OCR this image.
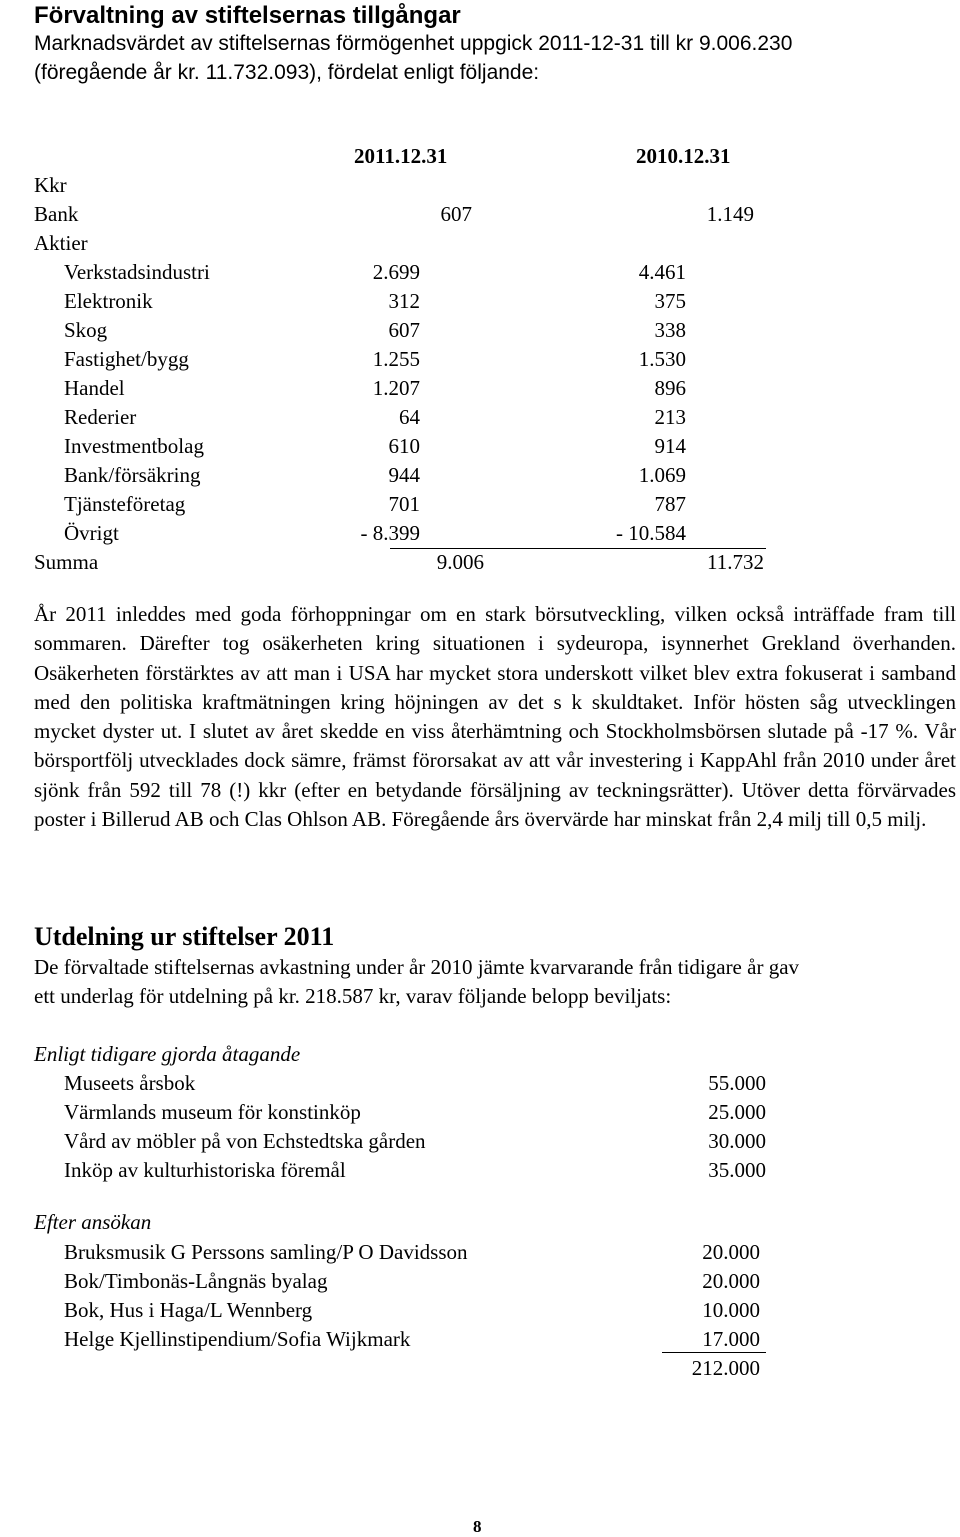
Förvaltning av stiftelsernas tillgångar
Marknadsvärdet av stiftelsernas förmögenhet uppgick 2011-12-31 till kr 9.006.230
(föregående år kr. 11.732.093), fördelat enligt följande:
2011.12.31	2010.12.31
Kkr
Bank	607	1.149
Aktier
Verkstadsindustri	2.699	4.461
Elektronik	312	375
Skog	607	338
Fastighet/bygg	1.255	1.530
Handel	1.207	896
Rederier	64	213
Investmentbolag	610	914
Bank/försäkring	944	1.069
Tjänsteföretag	701	787
Övrigt	- 8.399	- 10.584
Summa	9.006	11.732
År 2011 inleddes med goda förhoppningar om en stark börsutveckling, vilken också inträffade fram till sommaren. Därefter tog osäkerheten kring situationen i sydeuropa, isynnerhet Grekland överhanden. Osäkerheten förstärktes av att man i USA har mycket stora underskott vilket blev extra fokuserat i samband med den politiska kraftmätningen kring höjningen av det s k skuldtaket. Inför hösten såg utvecklingen mycket dyster ut. I slutet av året skedde en viss återhämtning och Stockholmsbörsen slutade på -17 %. Vår börsportfölj utvecklades dock sämre, främst förorsakat av att vår investering i KappAhl från 2010 under året sjönk från 592 till 78 (!) kkr (efter en betydande försäljning av teckningsrätter). Utöver detta förvärvades poster i Billerud AB och Clas Ohlson AB. Föregående års övervärde har minskat från 2,4 milj till 0,5 milj.
Utdelning ur stiftelser 2011
De förvaltade stiftelsernas avkastning under år 2010 jämte kvarvarande från tidigare år gav
ett underlag för utdelning på kr. 218.587 kr, varav följande belopp beviljats:
Enligt tidigare gjorda åtagande
Museets årsbok	55.000
Värmlands museum för konstinköp	25.000
Vård av möbler på von Echstedtska gården	30.000
Inköp av kulturhistoriska föremål	35.000
Efter ansökan
Bruksmusik G Perssons samling/P O Davidsson	20.000
Bok/Timbonäs-Långnäs byalag	20.000
Bok, Hus i Haga/L Wennberg	10.000
Helge Kjellinstipendium/Sofia Wijkmark	17.000
212.000
8
